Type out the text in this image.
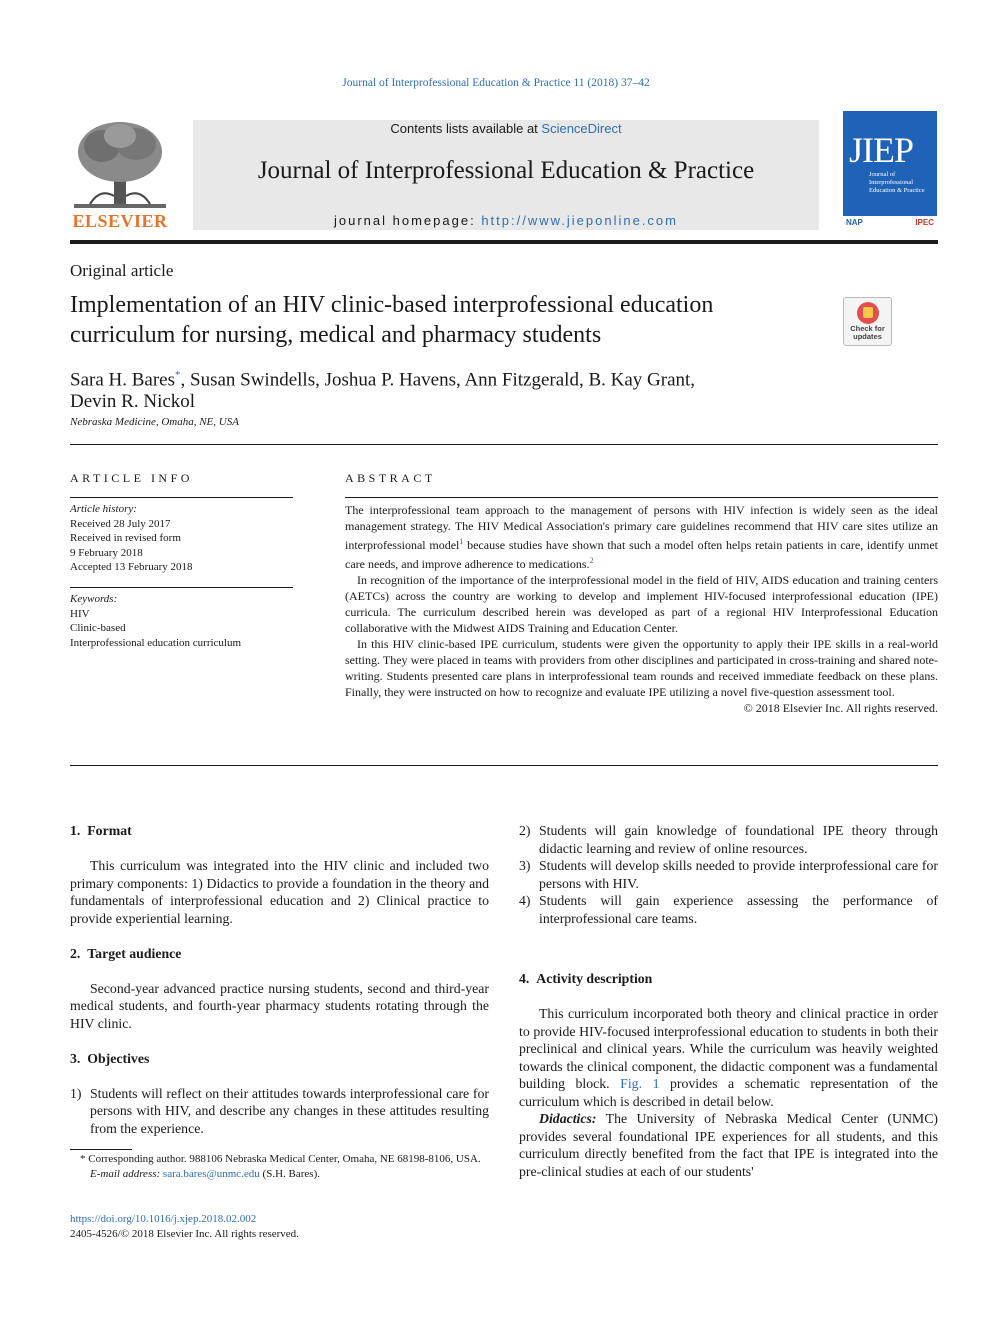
Journal of Interprofessional Education & Practice 11 (2018) 37–42
ELSEVIER
Contents lists available at ScienceDirect
Journal of Interprofessional Education & Practice
journal homepage: http://www.jieponline.com
JIEP
Journal of Interprofessional Education & Practice
NAP	IPEC
Original article
Implementation of an HIV clinic-based interprofessional education curriculum for nursing, medical and pharmacy students	Check for updates
Sara H. Bares*, Susan Swindells, Joshua P. Havens, Ann Fitzgerald, B. Kay Grant,
Devin R. Nickol
Nebraska Medicine, Omaha, NE, USA
ARTICLE INFO
Article history:
Received 28 July 2017
Received in revised form
9 February 2018
Accepted 13 February 2018
Keywords:
HIV
Clinic-based
Interprofessional education curriculum
ABSTRACT

The interprofessional team approach to the management of persons with HIV infection is widely seen as the ideal management strategy. The HIV Medical Association's primary care guidelines recommend that HIV care sites utilize an interprofessional model$^1$ because studies have shown that such a model often helps retain patients in care, identify unmet care needs, and improve adherence to medications.$^2$

In recognition of the importance of the interprofessional model in the field of HIV, AIDS education and training centers (AETCs) across the country are working to develop and implement HIV-focused interprofessional education (IPE) curricula. The curriculum described herein was developed as part of a regional HIV Interprofessional Education collaborative with the Midwest AIDS Training and Education Center.

In this HIV clinic-based IPE curriculum, students were given the opportunity to apply their IPE skills in a real-world setting. They were placed in teams with providers from other disciplines and participated in cross-training and shared note-writing. Students presented care plans in interprofessional team rounds and received immediate feedback on these plans. Finally, they were instructed on how to recognize and evaluate IPE utilizing a novel five-question assessment tool.

© 2018 Elsevier Inc. All rights reserved.
1. Format

This curriculum was integrated into the HIV clinic and included two primary components: 1) Didactics to provide a foundation in the theory and fundamentals of interprofessional education and 2) Clinical practice to provide experiential learning.

2. Target audience

Second-year advanced practice nursing students, second and third-year medical students, and fourth-year pharmacy students rotating through the HIV clinic.

3. Objectives
1) Students will reflect on their attitudes towards interprofessional care for persons with HIV, and describe any changes in these attitudes resulting from the experience.
* Corresponding author. 988106 Nebraska Medical Center, Omaha, NE 68198-8106, USA.
E-mail address: sara.bares@unmc.edu (S.H. Bares).
https://doi.org/10.1016/j.xjep.2018.02.002
2405-4526/© 2018 Elsevier Inc. All rights reserved.
2) Students will gain knowledge of foundational IPE theory through didactic learning and review of online resources.
3) Students will develop skills needed to provide interprofessional care for persons with HIV.
4) Students will gain experience assessing the performance of interprofessional care teams.
4. Activity description

This curriculum incorporated both theory and clinical practice in order to provide HIV-focused interprofessional education to students in both their preclinical and clinical years. While the curriculum was heavily weighted towards the clinical component, the didactic component was a fundamental building block. Fig. 1 provides a schematic representation of the curriculum which is described in detail below.

Didactics: The University of Nebraska Medical Center (UNMC) provides several foundational IPE experiences for all students, and this curriculum directly benefited from the fact that IPE is integrated into the pre-clinical studies at each of our students'
